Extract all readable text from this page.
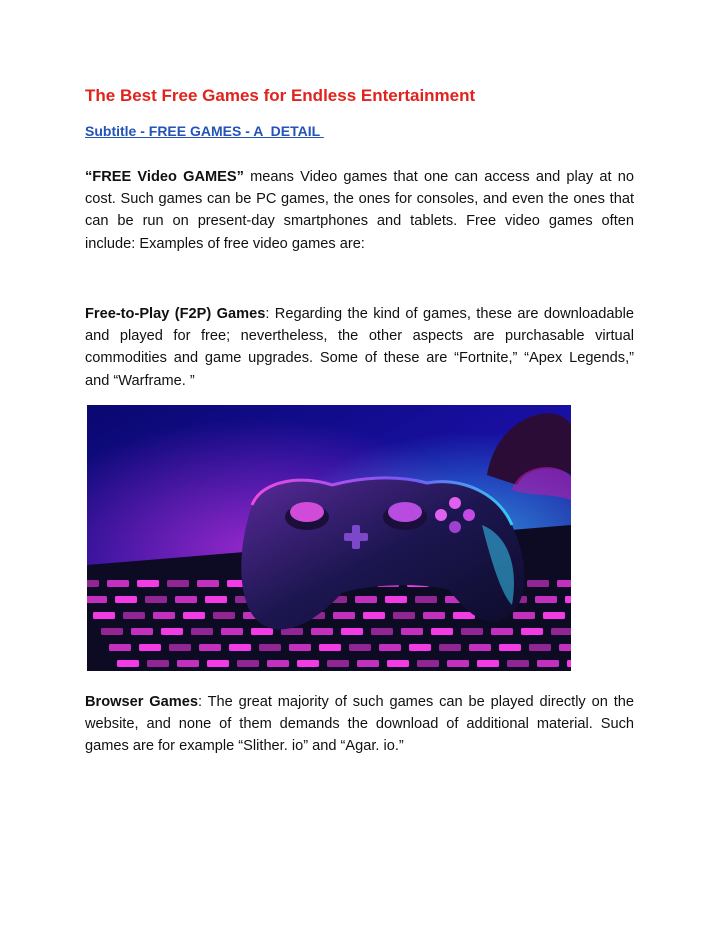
The Best Free Games for Endless Entertainment
Subtitle - FREE GAMES - A  DETAIL

“FREE Video GAMES” means Video games that one can access and play at no cost. Such games can be PC games, the ones for consoles, and even the ones that can be run on present-day smartphones and tablets. Free video games often include: Examples of free video games are:

Free-to-Play (F2P) Games: Regarding the kind of games, these are downloadable and played for free; nevertheless, the other aspects are purchasable virtual commodities and game upgrades. Some of these are “Fortnite,” “Apex Legends,” and “Warframe. ”

Browser Games: The great majority of such games can be played directly on the website, and none of them demands the download of additional material. Such games are for example “Slither. io” and “Agar. io.”
